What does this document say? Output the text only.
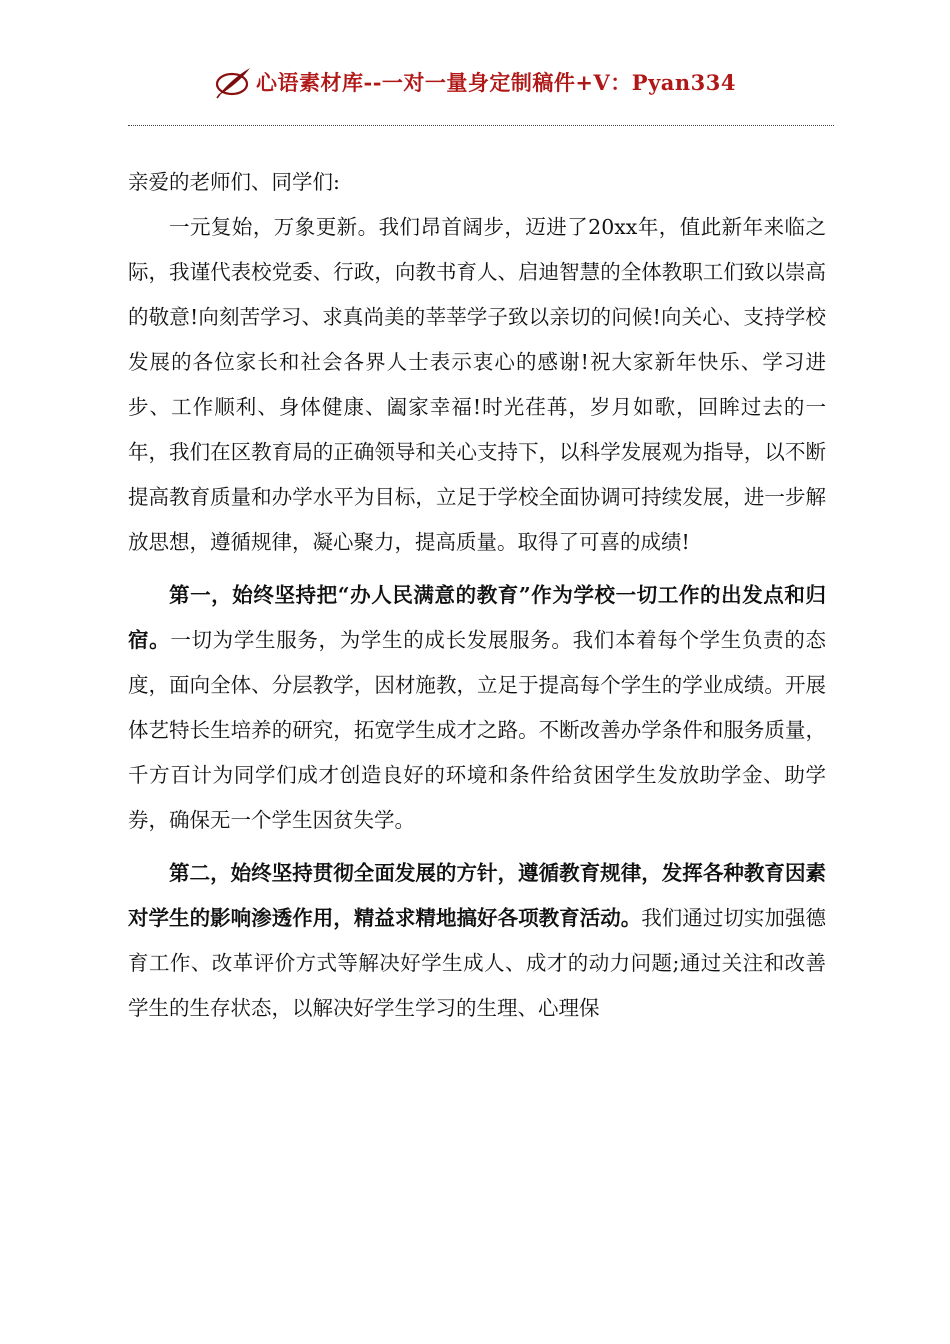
心语素材库--一对一量身定制稿件+V：Pyan334

亲爱的老师们、同学们:

一元复始，万象更新。我们昂首阔步，迈进了20xx年，值此新年来临之际，我谨代表校党委、行政，向教书育人、启迪智慧的全体教职工们致以崇高的敬意!向刻苦学习、求真尚美的莘莘学子致以亲切的问候!向关心、支持学校发展的各位家长和社会各界人士表示衷心的感谢!祝大家新年快乐、学习进步、工作顺利、身体健康、阖家幸福!时光荏苒，岁月如歌，回眸过去的一年，我们在区教育局的正确领导和关心支持下，以科学发展观为指导，以不断提高教育质量和办学水平为目标，立足于学校全面协调可持续发展，进一步解放思想，遵循规律，凝心聚力，提高质量。取得了可喜的成绩!

第一，始终坚持把“办人民满意的教育”作为学校一切工作的出发点和归宿。一切为学生服务，为学生的成长发展服务。我们本着每个学生负责的态度，面向全体、分层教学，因材施教，立足于提高每个学生的学业成绩。开展体艺特长生培养的研究，拓宽学生成才之路。不断改善办学条件和服务质量，千方百计为同学们成才创造良好的环境和条件给贫困学生发放助学金、助学券，确保无一个学生因贫失学。

第二，始终坚持贯彻全面发展的方针，遵循教育规律，发挥各种教育因素对学生的影响渗透作用，精益求精地搞好各项教育活动。我们通过切实加强德育工作、改革评价方式等解决好学生成人、成才的动力问题;通过关注和改善学生的生存状态，以解决好学生学习的生理、心理保
